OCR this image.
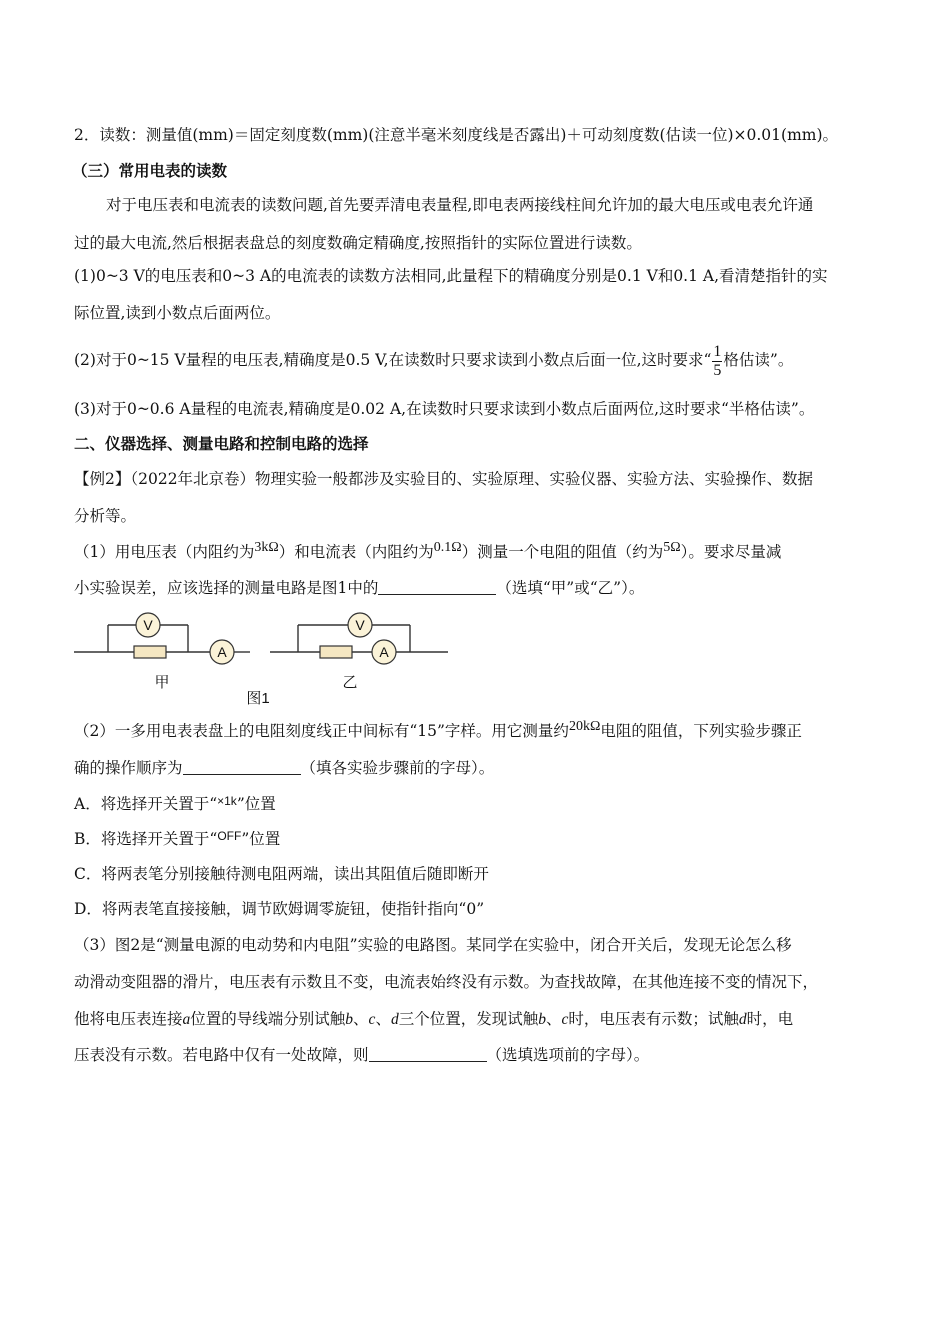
2．读数：测量值(mm)＝固定刻度数(mm)(注意半毫米刻度线是否露出)＋可动刻度数(估读一位)×0.01(mm)。
（三）常用电表的读数
对于电压表和电流表的读数问题,首先要弄清电表量程,即电表两接线柱间允许加的最大电压或电表允许通
过的最大电流,然后根据表盘总的刻度数确定精确度,按照指针的实际位置进行读数。
(1)0~3 V的电压表和0~3 A的电流表的读数方法相同,此量程下的精确度分别是0.1 V和0.1 A,看清楚指针的实
际位置,读到小数点后面两位。
(2)对于0~15 V量程的电压表,精确度是0.5 V,在读数时只要求读到小数点后面一位,这时要求“ $\frac{1}{5}$ 格估读”。
(3)对于0~0.6 A量程的电流表,精确度是0.02 A,在读数时只要求读到小数点后面两位,这时要求“半格估读”。
二、仪器选择、测量电路和控制电路的选择
【例2】（2022年北京卷）物理实验一般都涉及实验目的、实验原理、实验仪器、实验方法、实验操作、数据
分析等。
（1）用电压表（内阻约为3kΩ）和电流表（内阻约为0.1Ω）测量一个电阻的阻值（约为5Ω）。要求尽量减
小实验误差，应该选择的测量电路是图1中的	（选填“甲”或“乙”）。
V
A
V
A
甲	乙
图1
（2）一多用电表表盘上的电阻刻度线正中间标有“15”字样。用它测量约20kΩ电阻的阻值，下列实验步骤正
确的操作顺序为	（填各实验步骤前的字母）。
A．将选择开关置于“$^{\times 1k}$”位置
B．将选择开关置于“$^{OFF}$”位置
C．将两表笔分别接触待测电阻两端，读出其阻值后随即断开
D．将两表笔直接接触，调节欧姆调零旋钮，使指针指向“0”
（3）图2是“测量电源的电动势和内电阻”实验的电路图。某同学在实验中，闭合开关后，发现无论怎么移
动滑动变阻器的滑片，电压表有示数且不变，电流表始终没有示数。为查找故障，在其他连接不变的情况下，
他将电压表连接a位置的导线端分别试触b、c、d三个位置，发现试触b、c时，电压表有示数；试触d时，电
压表没有示数。若电路中仅有一处故障，则	（选填选项前的字母）。
